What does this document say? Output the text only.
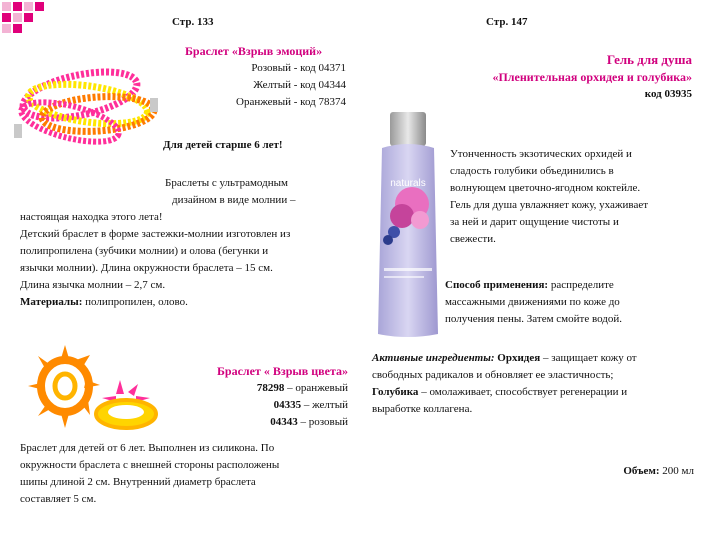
Стр. 133	Стр. 147
Браслет «Взрыв эмоций»
Розовый - код 04371
Желтый - код 04344
Оранжевый - код 78374
Для детей старше 6 лет!
Браслеты с ультрамодным
дизайном в виде молнии –
настоящая находка этого лета!
Детский браслет в форме застежки-молнии изготовлен из
полипропилена (зубчики молнии) и олова (бегунки и
язычки молнии). Длина окружности браслета – 15 см.
Длина язычка молнии – 2,7 см.
Материалы: полипропилен, олово.
Браслет « Взрыв цвета»
78298 – оранжевый
04335 – желтый
04343 – розовый
Браслет для детей от 6 лет. Выполнен из силикона. По
окружности браслета с внешней стороны расположены
шипы длиной 2 см. Внутренний диаметр браслета
составляет 5 см.
Гель для душа
«Пленительная орхидея и голубика»
код 03935
naturals
Утонченность экзотических орхидей и
сладость голубики объединились в
волнующем цветочно-ягодном коктейле.
Гель для душа увлажняет кожу, ухаживает
за ней и дарит ощущение чистоты и
свежести.
Способ применения: распределите
массажными движениями по коже до
получения пены. Затем смойте водой.
Активные ингредиенты: Орхидея – защищает кожу от
свободных радикалов и обновляет ее эластичность;
Голубика – омолаживает, способствует регенерации и
выработке коллагена.
Объем: 200 мл
